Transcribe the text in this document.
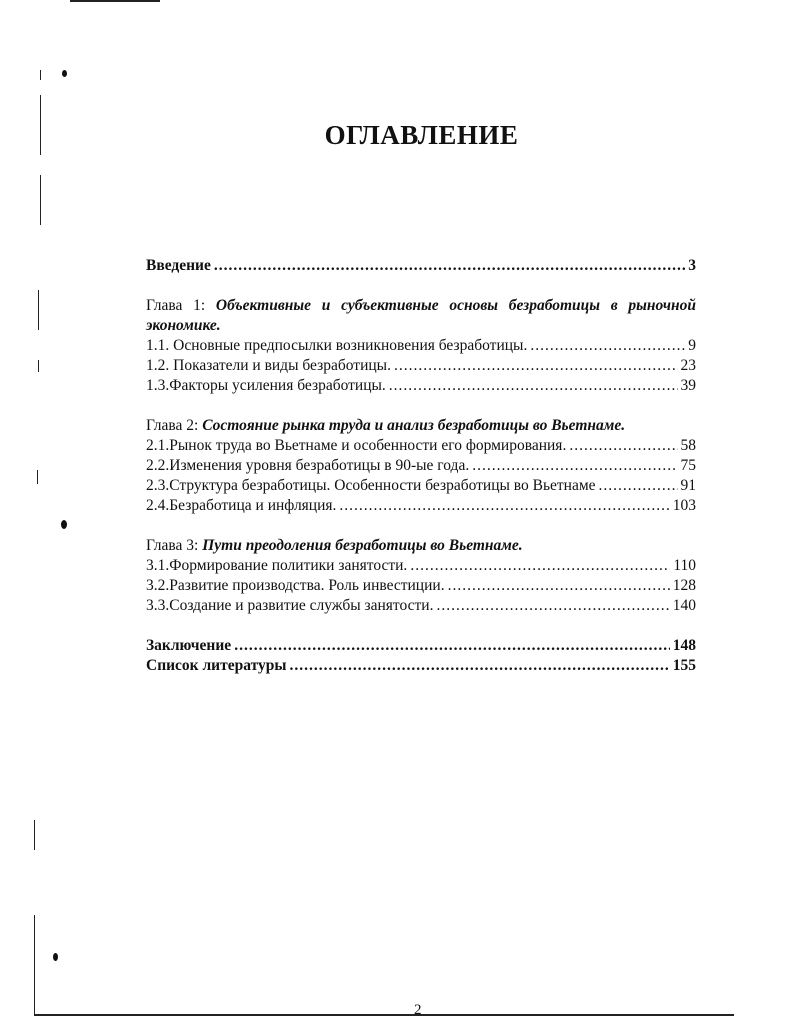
ОГЛАВЛЕНИЕ
Введение .....	3
Глава 1: Объективные и субъективные основы безработицы в рыночной экономике.
1.1. Основные предпосылки возникновения безработицы. .....	9
1.2. Показатели и виды безработицы. .....	23
1.3.Факторы усиления безработицы. .....	39
Глава 2: Состояние рынка труда и анализ безработицы во Вьетнаме.
2.1.Рынок труда во Вьетнаме и особенности его формирования. .....	58
2.2.Изменения уровня безработицы в 90-ые года. .....	75
2.3.Структура безработицы. Особенности безработицы во Вьетнаме .....	91
2.4.Безработица и инфляция. .....	103
Глава 3: Пути преодоления безработицы во Вьетнаме.
3.1.Формирование политики занятости. .....	110
3.2.Развитие производства. Роль инвестиции. .....	128
3.3.Создание и развитие службы занятости. .....	140
Заключение .....	148
Список литературы .....	155
2
